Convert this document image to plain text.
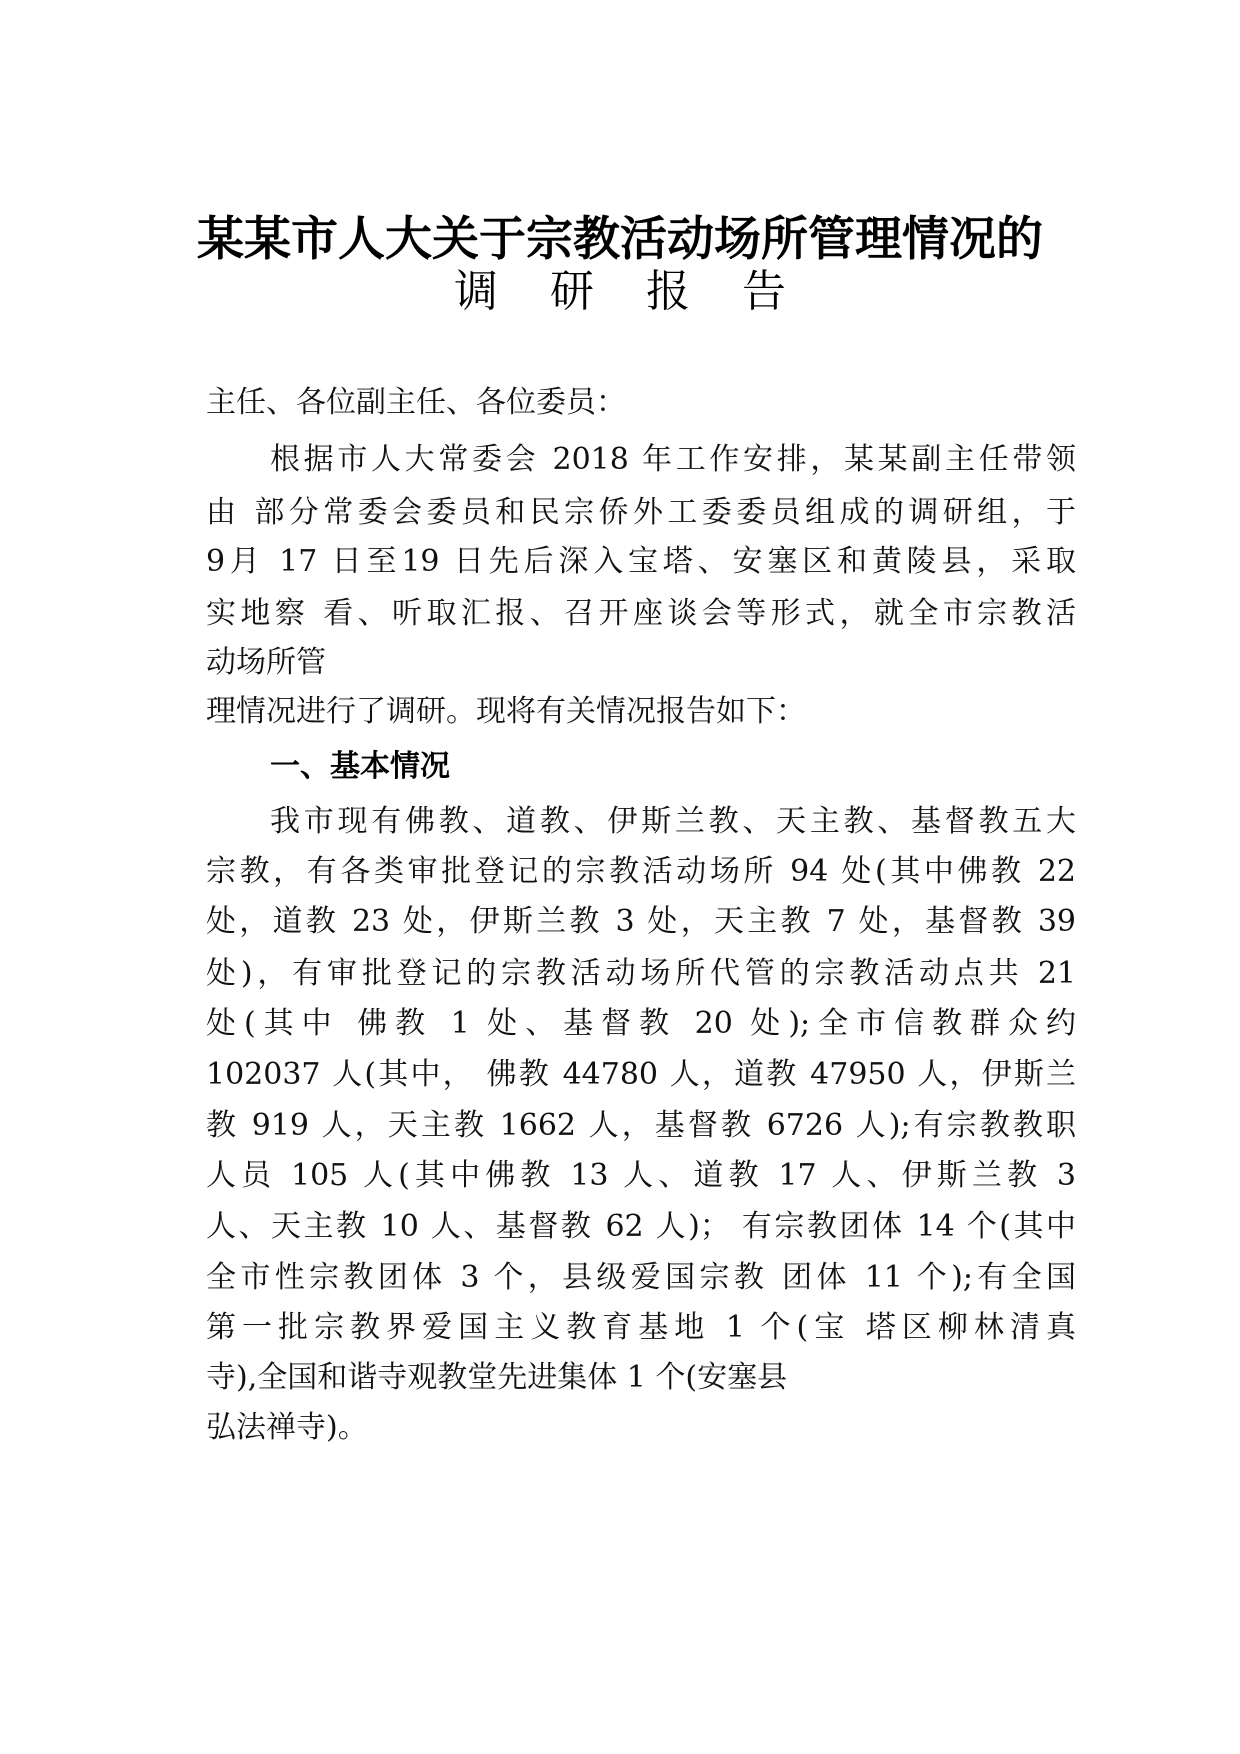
某某市人大关于宗教活动场所管理情况的
调 研 报 告
主任、各位副主任、各位委员：
根据市人大常委会 2018 年工作安排，某某副主任带领
由 部分常委会委员和民宗侨外工委委员组成的调研组，于
9月 17 日至19 日先后深入宝塔、安塞区和黄陵县，采取
实地察 看、听取汇报、召开座谈会等形式，就全市宗教活
动场所管
理情况进行了调研。现将有关情况报告如下：
一、基本情况
我市现有佛教、道教、伊斯兰教、天主教、基督教五大
宗教，有各类审批登记的宗教活动场所 94 处(其中佛教 22
处，道教 23 处，伊斯兰教 3 处，天主教 7 处，基督教 39
处)，有审批登记的宗教活动场所代管的宗教活动点共 21
处(其中 佛教 1 处、基督教 20 处);全市信教群众约
102037 人(其中， 佛教 44780 人，道教 47950 人，伊斯兰
教 919 人，天主教 1662 人，基督教 6726 人);有宗教教职
人员 105 人(其中佛教 13 人、道教 17 人、伊斯兰教 3
人、天主教 10 人、基督教 62 人)； 有宗教团体 14 个(其中
全市性宗教团体 3 个，县级爱国宗教 团体 11 个);有全国
第一批宗教界爱国主义教育基地 1 个(宝 塔区柳林清真
寺),全国和谐寺观教堂先进集体 1 个(安塞县
弘法禅寺)。
